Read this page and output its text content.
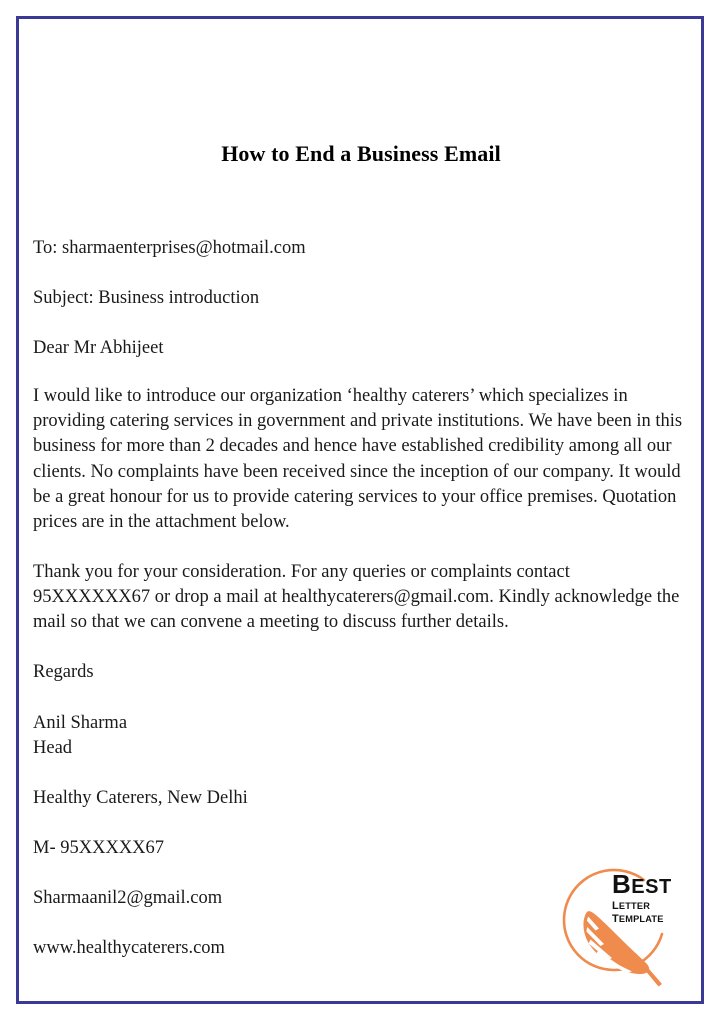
How to End a Business Email
To: sharmaenterprises@hotmail.com
Subject: Business introduction
Dear Mr Abhijeet
I would like to introduce our organization ‘healthy caterers’ which specializes in providing catering services in government and private institutions. We have been in this business for more than 2 decades and hence have established credibility among all our clients. No complaints have been received since the inception of our company. It would be a great honour for us to provide catering services to your office premises. Quotation prices are in the attachment below.
Thank you for your consideration. For any queries or complaints contact 95XXXXXX67 or drop a mail at healthycaterers@gmail.com. Kindly acknowledge the mail so that we can convene a meeting to discuss further details.
Regards
Anil Sharma
Head
Healthy Caterers, New Delhi
M- 95XXXXX67
Sharmaanil2@gmail.com
www.healthycaterers.com
BEST
LETTER TEMPLATE
